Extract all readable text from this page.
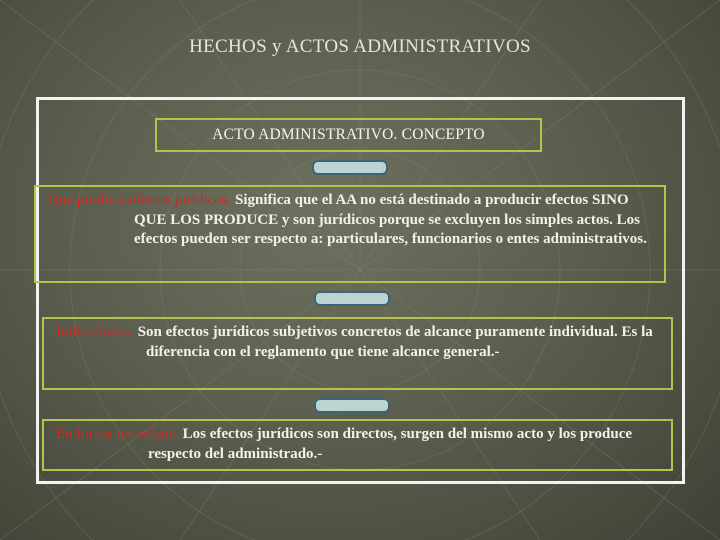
HECHOS y ACTOS ADMINISTRATIVOS
ACTO ADMINISTRATIVO. CONCEPTO
Que produce efectos jurídicos. Significa que el AA no está destinado a producir efectos SINO QUE LOS PRODUCE y son jurídicos porque se excluyen los simples actos. Los efectos pueden ser respecto a: particulares, funcionarios o entes administrativos.
Individuales. Son efectos jurídicos subjetivos concretos de alcance puramente individual. Es la diferencia con el reglamento que tiene alcance general.-
En forma inmediata. Los efectos jurídicos son directos, surgen del mismo acto y los produce respecto del administrado.-
